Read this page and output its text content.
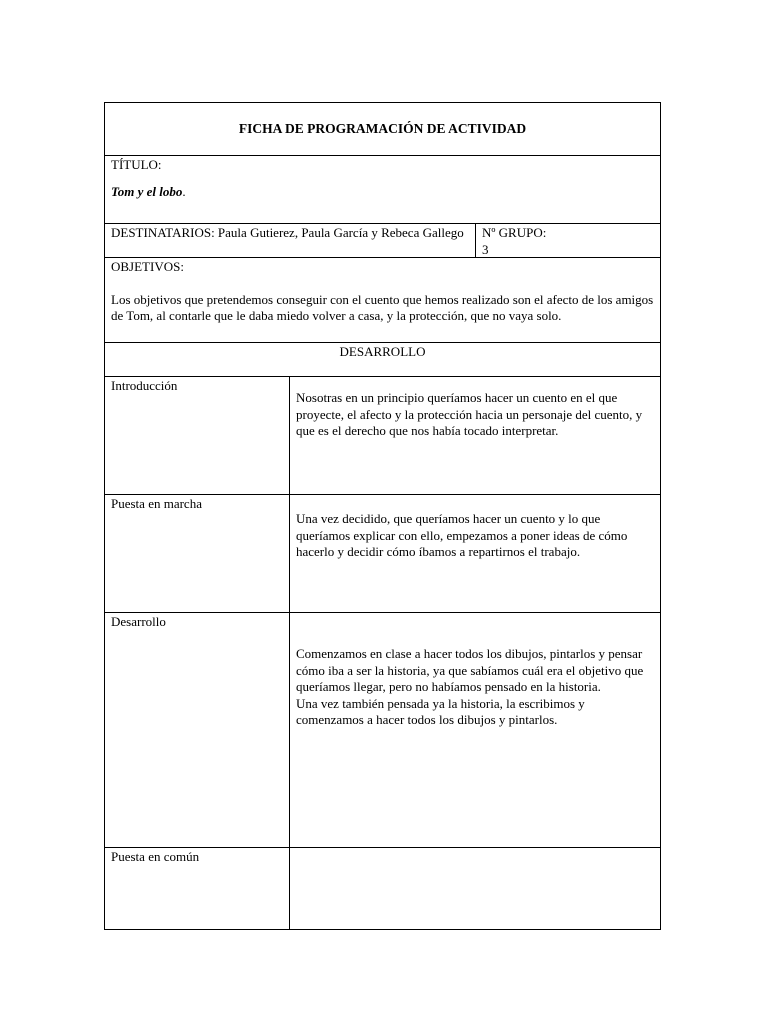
FICHA DE PROGRAMACIÓN DE ACTIVIDAD
TÍTULO:
Tom y el lobo.
DESTINATARIOS: Paula Gutierez, Paula García y Rebeca Gallego	Nº GRUPO:
3
OBJETIVOS:
Los objetivos que pretendemos conseguir con el cuento que hemos realizado son el afecto de los amigos de Tom, al contarle que le daba miedo volver a casa, y la protección, que no vaya solo.
DESARROLLO
Introducción

Nosotras en un principio queríamos hacer un cuento en el que proyecte, el afecto y la protección hacia un personaje del cuento, y que es el derecho que nos había tocado interpretar.

Puesta en marcha

Una vez decidido, que queríamos hacer un cuento y lo que queríamos explicar con ello, empezamos a poner ideas de cómo hacerlo y decidir cómo íbamos a repartirnos el trabajo.

Desarrollo

Comenzamos en clase a hacer todos los dibujos, pintarlos y pensar cómo iba a ser la historia, ya que sabíamos cuál era el objetivo que queríamos llegar, pero no habíamos pensado en la historia.

Una vez también pensada ya la historia, la escribimos y comenzamos a hacer todos los dibujos y pintarlos.

Puesta en común
